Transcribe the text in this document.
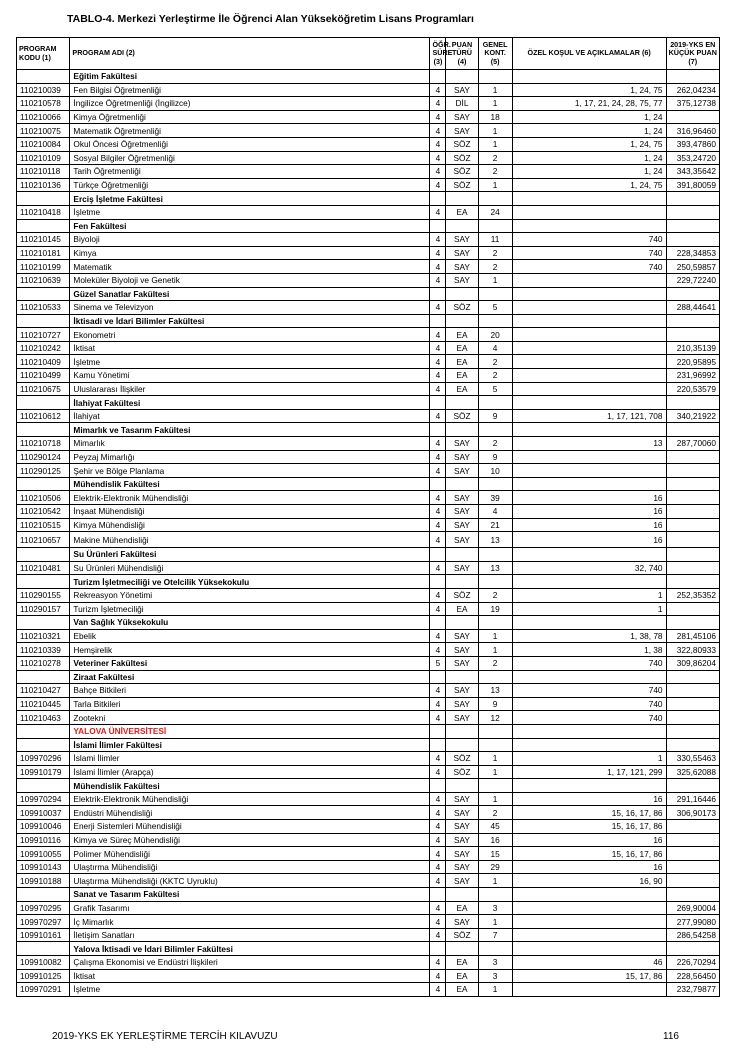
TABLO-4. Merkezi Yerleştirme İle Öğrenci Alan Yükseköğretim Lisans Programları
PROGRAM KODU (1)	PROGRAM ADI (2)	ÖĞR. SÜRE (3)	PUAN TÜRÜ (4)	GENEL KONT. (5)	ÖZEL KOŞUL VE AÇIKLAMALAR (6)	2019-YKS EN KÜÇÜK PUAN (7)
	Eğitim Fakültesi					
110210039	Fen Bilgisi Öğretmenliği	4	SAY	1	1, 24, 75	262,04234
110210578	İngilizce Öğretmenliği (İngilizce)	4	DİL	1	1, 17, 21, 24, 28, 75, 77	375,12738
110210066	Kimya Öğretmenliği	4	SAY	18	1, 24	
110210075	Matematik Öğretmenliği	4	SAY	1	1, 24	316,96460
110210084	Okul Öncesi Öğretmenliği	4	SÖZ	1	1, 24, 75	393,47860
110210109	Sosyal Bilgiler Öğretmenliği	4	SÖZ	2	1, 24	353,24720
110210118	Tarih Öğretmenliği	4	SÖZ	2	1, 24	343,35642
110210136	Türkçe Öğretmenliği	4	SÖZ	1	1, 24, 75	391,80059
	Erciş İşletme Fakültesi					
110210418	İşletme	4	EA	24		
	Fen Fakültesi					
110210145	Biyoloji	4	SAY	11	740	
110210181	Kimya	4	SAY	2	740	228,34853
110210199	Matematik	4	SAY	2	740	250,59857
110210639	Moleküler Biyoloji ve Genetik	4	SAY	1		229,72240
	Güzel Sanatlar Fakültesi					
110210533	Sinema ve Televizyon	4	SÖZ	5		288,44641
	İktisadi ve İdari Bilimler Fakültesi					
110210727	Ekonometri	4	EA	20		
110210242	İktisat	4	EA	4		210,35139
110210409	İşletme	4	EA	2		220,95895
110210499	Kamu Yönetimi	4	EA	2		231,96992
110210675	Uluslararası İlişkiler	4	EA	5		220,53579
	İlahiyat Fakültesi					
110210612	İlahiyat	4	SÖZ	9	1, 17, 121, 708	340,21922
	Mimarlık ve Tasarım Fakültesi					
110210718	Mimarlık	4	SAY	2	13	287,70060
110290124	Peyzaj Mimarlığı	4	SAY	9		
110290125	Şehir ve Bölge Planlama	4	SAY	10		
	Mühendislik Fakültesi					
110210506	Elektrik-Elektronik Mühendisliği	4	SAY	39	16	
110210542	İnşaat Mühendisliği	4	SAY	4	16	
110210515	Kimya Mühendisliği	4	SAY	21	16	
110210657	Makine Mühendisliği	4	SAY	13	16	
	Su Ürünleri Fakültesi					
110210481	Su Ürünleri Mühendisliği	4	SAY	13	32, 740	
	Turizm İşletmeciliği ve Otelcilik Yüksekokulu					
110290155	Rekreasyon Yönetimi	4	SÖZ	2	1	252,35352
110290157	Turizm İşletmeciliği	4	EA	19	1	
	Van Sağlık Yüksekokulu					
110210321	Ebelik	4	SAY	1	1, 38, 78	281,45106
110210339	Hemşirelik	4	SAY	1	1, 38	322,80933
110210278	Veteriner Fakültesi	5	SAY	2	740	309,86204
	Ziraat Fakültesi					
110210427	Bahçe Bitkileri	4	SAY	13	740	
110210445	Tarla Bitkileri	4	SAY	9	740	
110210463	Zootekni	4	SAY	12	740	
	YALOVA ÜNİVERSİTESİ					
	İslami İlimler Fakültesi					
109970296	İslami İlimler	4	SÖZ	1	1	330,55463
109910179	İslami İlimler (Arapça)	4	SÖZ	1	1, 17, 121, 299	325,62088
	Mühendislik Fakültesi					
109970294	Elektrik-Elektronik Mühendisliği	4	SAY	1	16	291,16446
109910037	Endüstri Mühendisliği	4	SAY	2	15, 16, 17, 86	306,90173
109910046	Enerji Sistemleri Mühendisliği	4	SAY	45	15, 16, 17, 86	
109910116	Kimya ve Süreç Mühendisliği	4	SAY	16	16	
109910055	Polimer Mühendisliği	4	SAY	15	15, 16, 17, 86	
109910143	Ulaştırma Mühendisliği	4	SAY	29	16	
109910188	Ulaştırma Mühendisliği (KKTC Uyruklu)	4	SAY	1	16, 90	
	Sanat ve Tasarım Fakültesi					
109970295	Grafik Tasarımı	4	EA	3		269,90004
109970297	İç Mimarlık	4	SAY	1		277,99080
109910161	İletişim Sanatları	4	SÖZ	7		286,54258
	Yalova İktisadi ve İdari Bilimler Fakültesi					
109910082	Çalışma Ekonomisi ve Endüstri İlişkileri	4	EA	3	46	226,70294
109910125	İktisat	4	EA	3	15, 17, 86	228,56450
109970291	İşletme	4	EA	1		232,79877
2019-YKS EK YERLEŞTİRME TERCİH KILAVUZU	116
